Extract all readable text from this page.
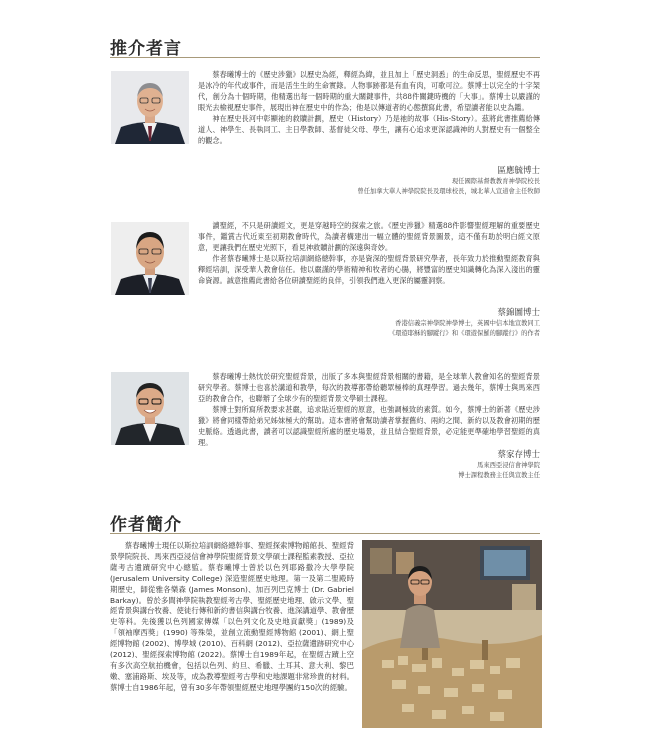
推介者言

蔡春曦博士的《歷史涉獵》以歷史為經，釋經為緯，並且加上「歷史洞悉」的生命反思，聖經歷史不再是冰冷的年代或事件，而是活生生的生命實錄。人物事跡都是有血有肉，可歌可泣。蔡博士以完全的十字架代，創分為十個時期，他精選出每一個時期的重大關鍵事件，共88件關鍵時機的「大事」。蔡博士以嚴謹的眼光去檢視歷史事件，展現出神在歷史中的作為；他是以傳道者的心態撰寫此書，希望讀者能以史為鑑。

神在歷史長河中彰顯祂的救贖計劃，歷史（History）乃是祂的故事（His-Story）。茲將此書推薦給傳道人、神學生、長執同工、主日學教師、基督徒父母、學生，讓有心追求更深認識神的人對歷史有一個整全的觀念。

區應毓博士
現任國際基督教教育神學院校長
曾任加拿大華人神學院院長及環球校長，城北華人宣道會主任牧師

讀聖經，不只是研讀經文，更是穿越時空的探索之旅。《歷史涉獵》精選88件影響聖經理解的重要歷史事件，鑑賞古代近東至初期教會時代，為讀者構建出一幅立體的聖經背景圖景，這不僅有助於明白經文原意，更讓我們在歷史光照下，看見神救贖計劃的深遠與奇妙。

作者蔡春曦博士是以斯拉培訓網絡總幹事，亦是資深的聖經背景研究學者，長年致力於推動聖經教育與釋經培訓，深受華人教會信任。他以嚴謹的學術精神和牧者的心腸，將豐富的歷史知識轉化為深入淺出的靈命資源。誠意推薦此書給各位研讀聖經的良伴，引領我們進入更深的屬靈洞察。

蔡錦圖博士
香港信義宗神學院神學博士，英國中信本地宣教同工
《環遊耶穌的腳蹤行》和《環遊保羅的腳蹤行》的作者

蔡春曦博士熱忱於研究聖經背景，出版了多本與聖經背景相關的書籍，是全球華人教會知名的聖經背景研究學者。蔡博士也喜於講道和教學，每次的教導都帶給聽眾極棒的真理學習。過去幾年，蔡博士與馬來西亞的教會合作，也聯辦了全球少有的聖經背景文學碩士課程。

蔡博士對所寫所教要求甚嚴，追求貼近聖經的原意，也強調極致的素質。如今，蔡博士的新著《歷史涉獵》將會同樣帶給弟兄姊妹極大的幫助。這本書將會幫助讀者掌握舊約、兩約之間、新約以及教會初期的歷史脈絡。透過此書，讀者可以認識聖經所處的歷史場景，並且結合聖經背景，必定能更準確地學習聖經的真理。

蔡家存博士
馬來西亞浸信會神學院
博士課程教務主任與宣教主任
作者簡介

蔡春曦博士現任以斯拉培訓網絡總幹事、聖經探索博物館館長、聖經背景學院院長、馬來西亞浸信會神學院聖經背景文學碩士課程監素教授、亞拉薩考古遺蹟研究中心總監。蔡春曦博士曾於以色列耶路撒冷大學學院 (Jerusalem University College) 深造聖經歷史地理。第一及第二聖殿時期歷史，師從雅各樂森 (James Monson)、加百列巴克博士 (Dr. Gabriel Barkay)。曾於多間神學院執教聖經考古學、聖經歷史地理、啟示文學、聖經背景與講台牧養、使徒行傳和新約書信與講台牧養、進深講道學、教會歷史等科。先後獲以色列國家傳媒「以色列文化及史地貢獻獎」(1989)及「領袖摩西獎」(1990) 等殊榮，並創立流動聖經博物館 (2001)、網上聖經博物館 (2002)、博學城 (2010)、百科網 (2012)、亞拉薩遺跡研究中心 (2012)、聖經探索博物館 (2022)。蔡博士自1989年起，在聖經古蹟上空有多次高空航拍機會，包括以色列、約旦、希臘、土耳其、意大利、黎巴嫩、塞浦路斯、埃及等，成為教導聖經考古學和史地課題非常珍貴的材料。蔡博士自1986年起，曾有30多年帶領聖經歷史地理學團約150次的經驗。
